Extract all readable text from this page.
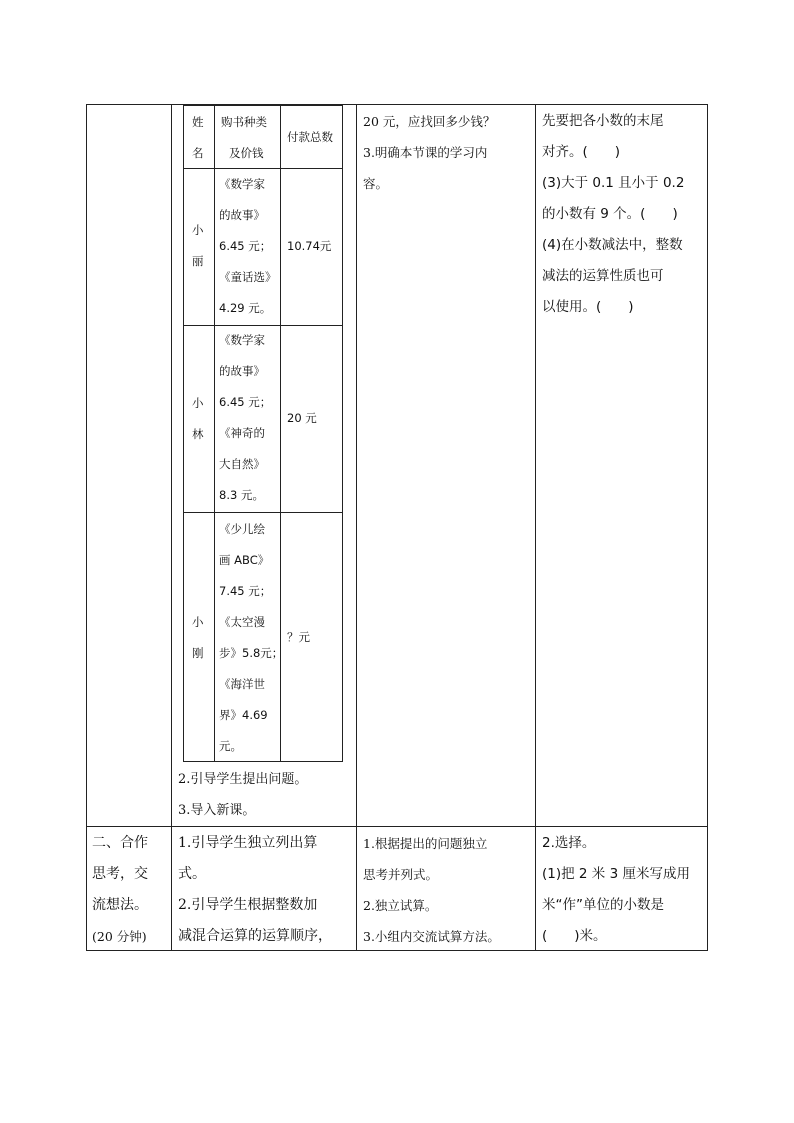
姓
名
购书种类
及价钱
付款总数
小
丽
《数学家
的故事》
6.45 元；
《童话选》
4.29 元。
10.74元
小
林
《数学家
的故事》
6.45 元；
《神奇的
大自然》
8.3 元。
20 元
小
刚
《少儿绘
画 ABC》
7.45 元；
《太空漫
步》5.8元；
《海洋世
界》4.69
元。
？元
2.引导学生提出问题。
3.导入新课。
20 元，应找回多少钱？
3.明确本节课的学习内
容。
先要把各小数的末尾
对齐。(　　)
(3)大于 0.1 且小于 0.2
的小数有 9 个。(　　)
(4)在小数减法中，整数
减法的运算性质也可
以使用。(　　)
二、合作
思考，交
流想法。
(20 分钟)
1.引导学生独立列出算
式。
2.引导学生根据整数加
减混合运算的运算顺序，
1.根据提出的问题独立
思考并列式。
2.独立试算。
3.小组内交流试算方法。
2.选择。
(1)把 2 米 3 厘米写成用
米“作”单位的小数是
(　　)米。
